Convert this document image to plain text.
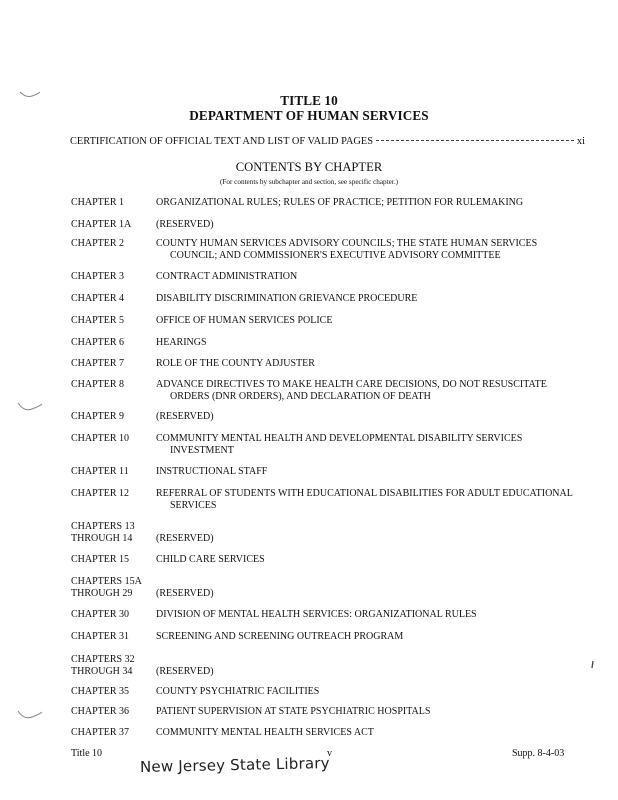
TITLE 10
DEPARTMENT OF HUMAN SERVICES
CERTIFICATION OF OFFICIAL TEXT AND LIST OF VALID PAGES	xi
CONTENTS BY CHAPTER
(For contents by subchapter and section, see specific chapter.)
CHAPTER 1	ORGANIZATIONAL RULES; RULES OF PRACTICE; PETITION FOR RULEMAKING
CHAPTER 1A	(RESERVED)
CHAPTER 2	COUNTY HUMAN SERVICES ADVISORY COUNCILS; THE STATE HUMAN SERVICES
COUNCIL; AND COMMISSIONER'S EXECUTIVE ADVISORY COMMITTEE
CHAPTER 3	CONTRACT ADMINISTRATION
CHAPTER 4	DISABILITY DISCRIMINATION GRIEVANCE PROCEDURE
CHAPTER 5	OFFICE OF HUMAN SERVICES POLICE
CHAPTER 6	HEARINGS
CHAPTER 7	ROLE OF THE COUNTY ADJUSTER
CHAPTER 8	ADVANCE DIRECTIVES TO MAKE HEALTH CARE DECISIONS, DO NOT RESUSCITATE
ORDERS (DNR ORDERS), AND DECLARATION OF DEATH
CHAPTER 9	(RESERVED)
CHAPTER 10	COMMUNITY MENTAL HEALTH AND DEVELOPMENTAL DISABILITY SERVICES
INVESTMENT
CHAPTER 11	INSTRUCTIONAL STAFF
CHAPTER 12	REFERRAL OF STUDENTS WITH EDUCATIONAL DISABILITIES FOR ADULT EDUCATIONAL
SERVICES
CHAPTERS 13
THROUGH 14
	(RESERVED)
CHAPTER 15	CHILD CARE SERVICES
CHAPTERS 15A
THROUGH 29
	(RESERVED)
CHAPTER 30	DIVISION OF MENTAL HEALTH SERVICES: ORGANIZATIONAL RULES
CHAPTER 31	SCREENING AND SCREENING OUTREACH PROGRAM
CHAPTERS 32
THROUGH 34
	(RESERVED)
CHAPTER 35	COUNTY PSYCHIATRIC FACILITIES
CHAPTER 36	PATIENT SUPERVISION AT STATE PSYCHIATRIC HOSPITALS
CHAPTER 37	COMMUNITY MENTAL HEALTH SERVICES ACT
Title 10	v	Supp. 8-4-03
New Jersey State Library
